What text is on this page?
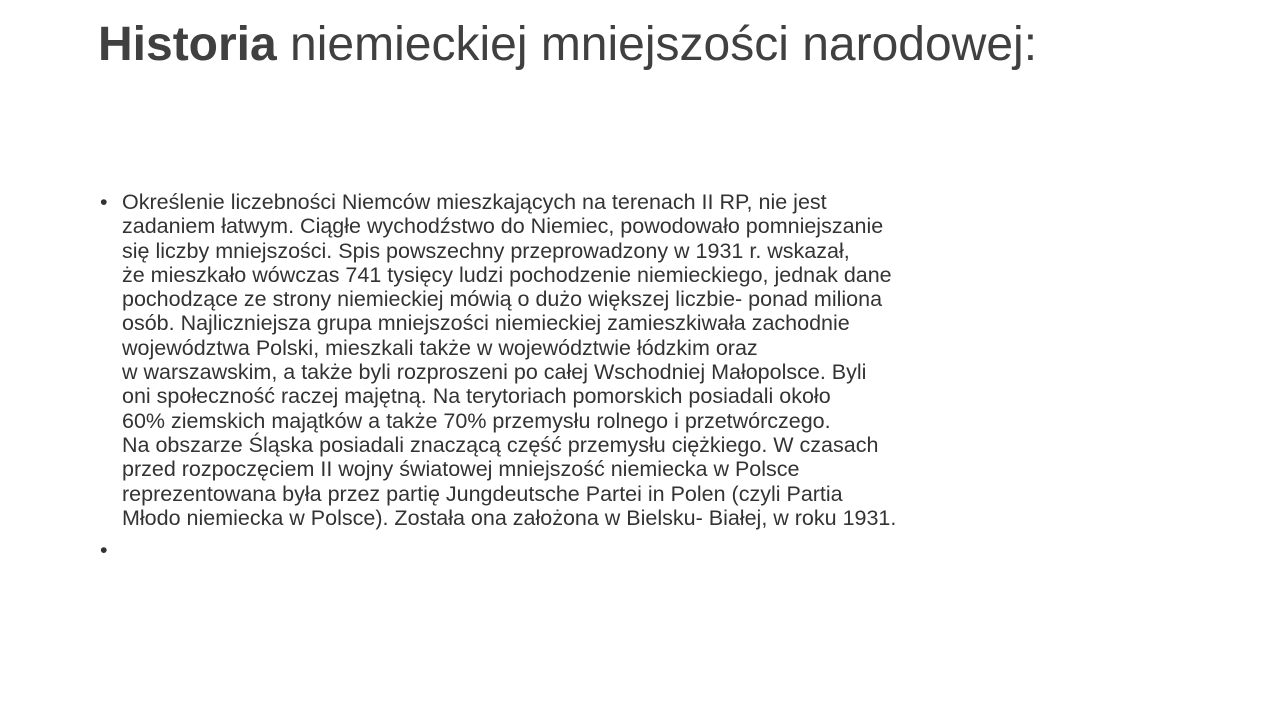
Historia niemieckiej mniejszości narodowej:
• Określenie liczebności Niemców mieszkających na terenach II RP, nie jest
zadaniem łatwym. Ciągłe wychodźstwo do Niemiec, powodowało pomniejszanie
się liczby mniejszości. Spis powszechny przeprowadzony w 1931 r. wskazał,
że mieszkało wówczas 741 tysięcy ludzi pochodzenie niemieckiego, jednak dane
pochodzące ze strony niemieckiej mówią o dużo większej liczbie- ponad miliona
osób. Najliczniejsza grupa mniejszości niemieckiej zamieszkiwała zachodnie
województwa Polski, mieszkali także w województwie łódzkim oraz
w warszawskim, a także byli rozproszeni po całej Wschodniej Małopolsce. Byli
oni społeczność raczej majętną. Na terytoriach pomorskich posiadali około
60% ziemskich majątków a także 70% przemysłu rolnego i przetwórczego.
Na obszarze Śląska posiadali znaczącą część przemysłu ciężkiego. W czasach
przed rozpoczęciem II wojny światowej mniejszość niemiecka w Polsce
reprezentowana była przez partię Jungdeutsche Partei in Polen (czyli Partia
Młodo niemiecka w Polsce). Została ona założona w Bielsku- Białej, w roku 1931.
•
